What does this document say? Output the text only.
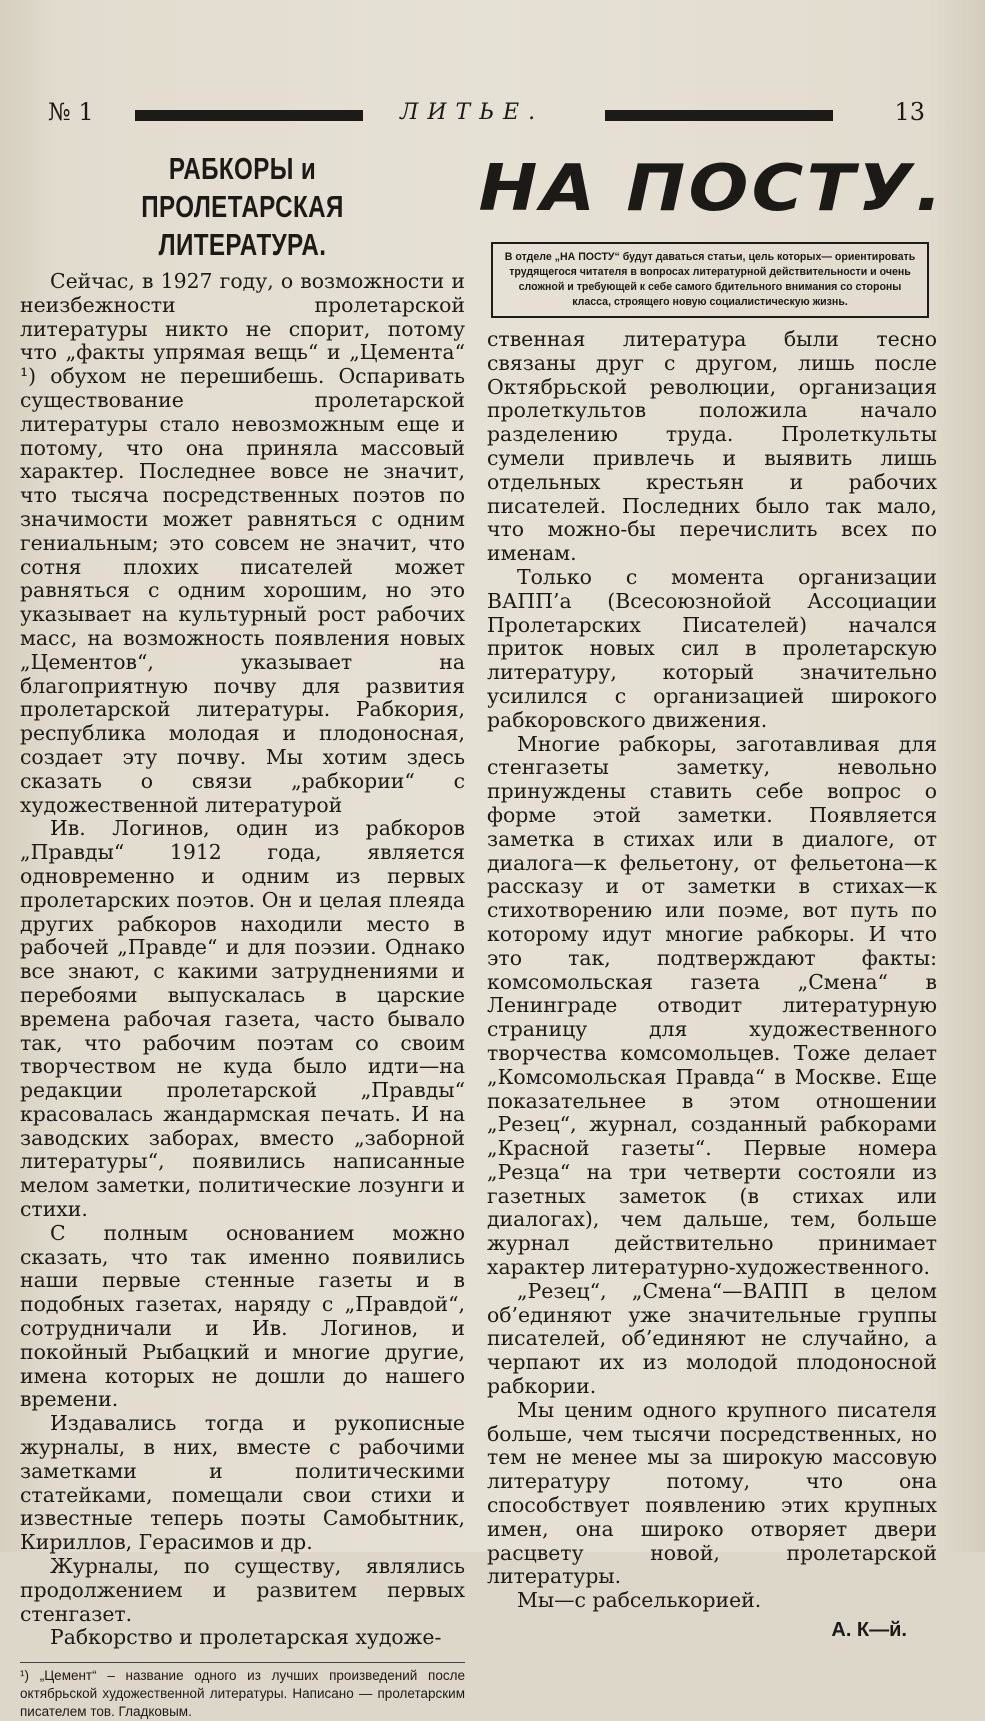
№ 1	ЛИТЬЕ.	13
РАБКОРЫ и ПРОЛЕТАРСКАЯ ЛИТЕРАТУРА.

Сейчас, в 1927 году, о возможности и неизбежности пролетарской литературы никто не спорит, потому что „факты упрямая вещь“ и „Цемента“ ¹) обухом не перешибешь. Оспаривать существование пролетарской литературы стало невозможным еще и потому, что она приняла массовый характер. Последнее вовсе не значит, что тысяча посредственных поэтов по значимости может равняться с одним гениальным; это совсем не значит, что сотня плохих писателей может равняться с одним хорошим, но это указывает на культурный рост рабочих масс, на возможность появления новых „Цементов“, указывает на благоприятную почву для развития пролетарской литературы. Рабкория, республика молодая и плодоносная, создает эту почву. Мы хотим здесь сказать о связи „рабкории“ с художественной литературой

Ив. Логинов, один из рабкоров „Правды“ 1912 года, является одновременно и одним из первых пролетарских поэтов. Он и целая плеяда других рабкоров находили место в рабочей „Правде“ и для поэзии. Однако все знают, с какими затруднениями и перебоями выпускалась в царские времена рабочая газета, часто бывало так, что рабочим поэтам со своим творчеством не куда было идти—на редакции пролетарской „Правды“ красовалась жандармская печать. И на заводских заборах, вместо „заборной литературы“, появились написанные мелом заметки, политические лозунги и стихи.

С полным основанием можно сказать, что так именно появились наши первые стенные газеты и в подобных газетах, наряду с „Правдой“, сотрудничали и Ив. Логинов, и покойный Рыбацкий и многие другие, имена которых не дошли до нашего времени.

Издавались тогда и рукописные журналы, в них, вместе с рабочими заметками и политическими статейками, помещали свои стихи и известные теперь поэты Самобытник, Кириллов, Герасимов и др.

Журналы, по существу, являлись продолжением и развитем первых стенгазет.

Рабкорство и пролетарская художе-

¹) „Цемент“ – название одного из лучших произведений после октябрьской художественной литературы. Написано — пролетарским писателем тов. Гладковым.
НА ПОСТУ.
В отделе „НА ПОСТУ“ будут даваться статьи, цель которых— ориентировать трудящегося читателя в вопросах литературной действительности и очень сложной и требующей к себе самого бдительного внимания со стороны класса, строящего новую социалистическую жизнь.

ственная литература были тесно связаны друг с другом, лишь после Октябрьской революции, организация пролеткультов положила начало разделению труда. Пролеткульты сумели привлечь и выявить лишь отдельных крестьян и рабочих писателей. Последних было так мало, что можно-бы перечислить всех по именам.

Только с момента организации ВАПП’а (Всесоюзнойой Ассоциации Пролетарских Писателей) начался приток новых сил в пролетарскую литературу, который значительно усилился с организацией широкого рабкоровского движения.

Многие рабкоры, заготавливая для стенгазеты заметку, невольно принуждены ставить себе вопрос о форме этой заметки. Появляется заметка в стихах или в диалоге, от диалога—к фельетону, от фельетона—к рассказу и от заметки в стихах—к стихотворению или поэме, вот путь по которому идут многие рабкоры. И что это так, подтверждают факты: комсомольская газета „Смена“ в Ленинграде отводит литературную страницу для художественного творчества комсомольцев. Тоже делает „Комсомольская Правда“ в Москве. Еще показательнее в этом отношении „Резец“, журнал, созданный рабкорами „Красной газеты“. Первые номера „Резца“ на три четверти состояли из газетных заметок (в стихах или диалогах), чем дальше, тем, больше журнал действительно принимает характер литературно-художественного.

„Резец“, „Смена“—ВАПП в целом об’единяют уже значительные группы писателей, об’единяют не случайно, а черпают их из молодой плодоносной рабкории.

Мы ценим одного крупного писателя больше, чем тысячи посредственных, но тем не менее мы за широкую массовую литературу потому, что она способствует появлению этих крупных имен, она широко отворяет двери расцвету новой, пролетарской литературы.

Мы—с рабселькорией.

А. К—й.
